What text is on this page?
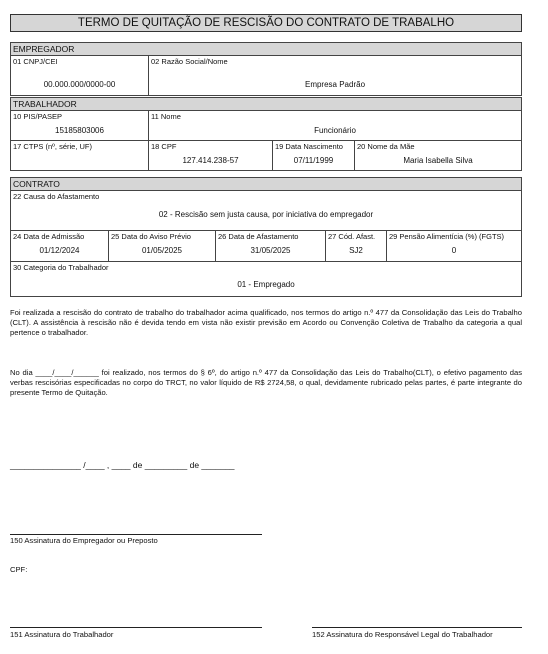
TERMO DE QUITAÇÃO DE RESCISÃO DO CONTRATO DE TRABALHO
EMPREGADOR
01 CNPJ/CEI
00.000.000/0000-00
02 Razão Social/Nome
Empresa Padrão
TRABALHADOR
10 PIS/PASEP
15185803006
11 Nome
Funcionário
17 CTPS (nº, série, UF)	18 CPF
127.414.238-57
19 Data Nascimento
07/11/1999
20 Nome da Mãe
Maria Isabella Silva
CONTRATO
22 Causa do Afastamento
02 - Rescisão sem justa causa, por iniciativa do empregador
24 Data de Admissão
01/12/2024
25 Data do Aviso Prévio
01/05/2025
26 Data de Afastamento
31/05/2025
27 Cód. Afast.
SJ2
29 Pensão Alimentícia (%) (FGTS)
0
30 Categoria do Trabalhador
01 - Empregado
Foi realizada a rescisão do contrato de trabalho do trabalhador acima qualificado, nos termos do artigo n.º 477 da Consolidação das Leis do Trabalho (CLT). A assistência à rescisão não é devida tendo em vista não existir previsão em Acordo ou Convenção Coletiva de Trabalho da categoria a qual pertence o trabalhador.
No dia ____/____/______ foi realizado, nos termos do § 6º, do artigo n.º 477 da Consolidação das Leis do Trabalho(CLT), o efetivo pagamento das verbas rescisórias especificadas no corpo do TRCT, no valor líquido de R$ 2724,58, o qual, devidamente rubricado pelas partes, é parte integrante do presente Termo de Quitação.
_______________ /____ , ____ de _________ de _______
150 Assinatura do Empregador ou Preposto
CPF:
151 Assinatura do Trabalhador	152 Assinatura do Responsável Legal do Trabalhador
